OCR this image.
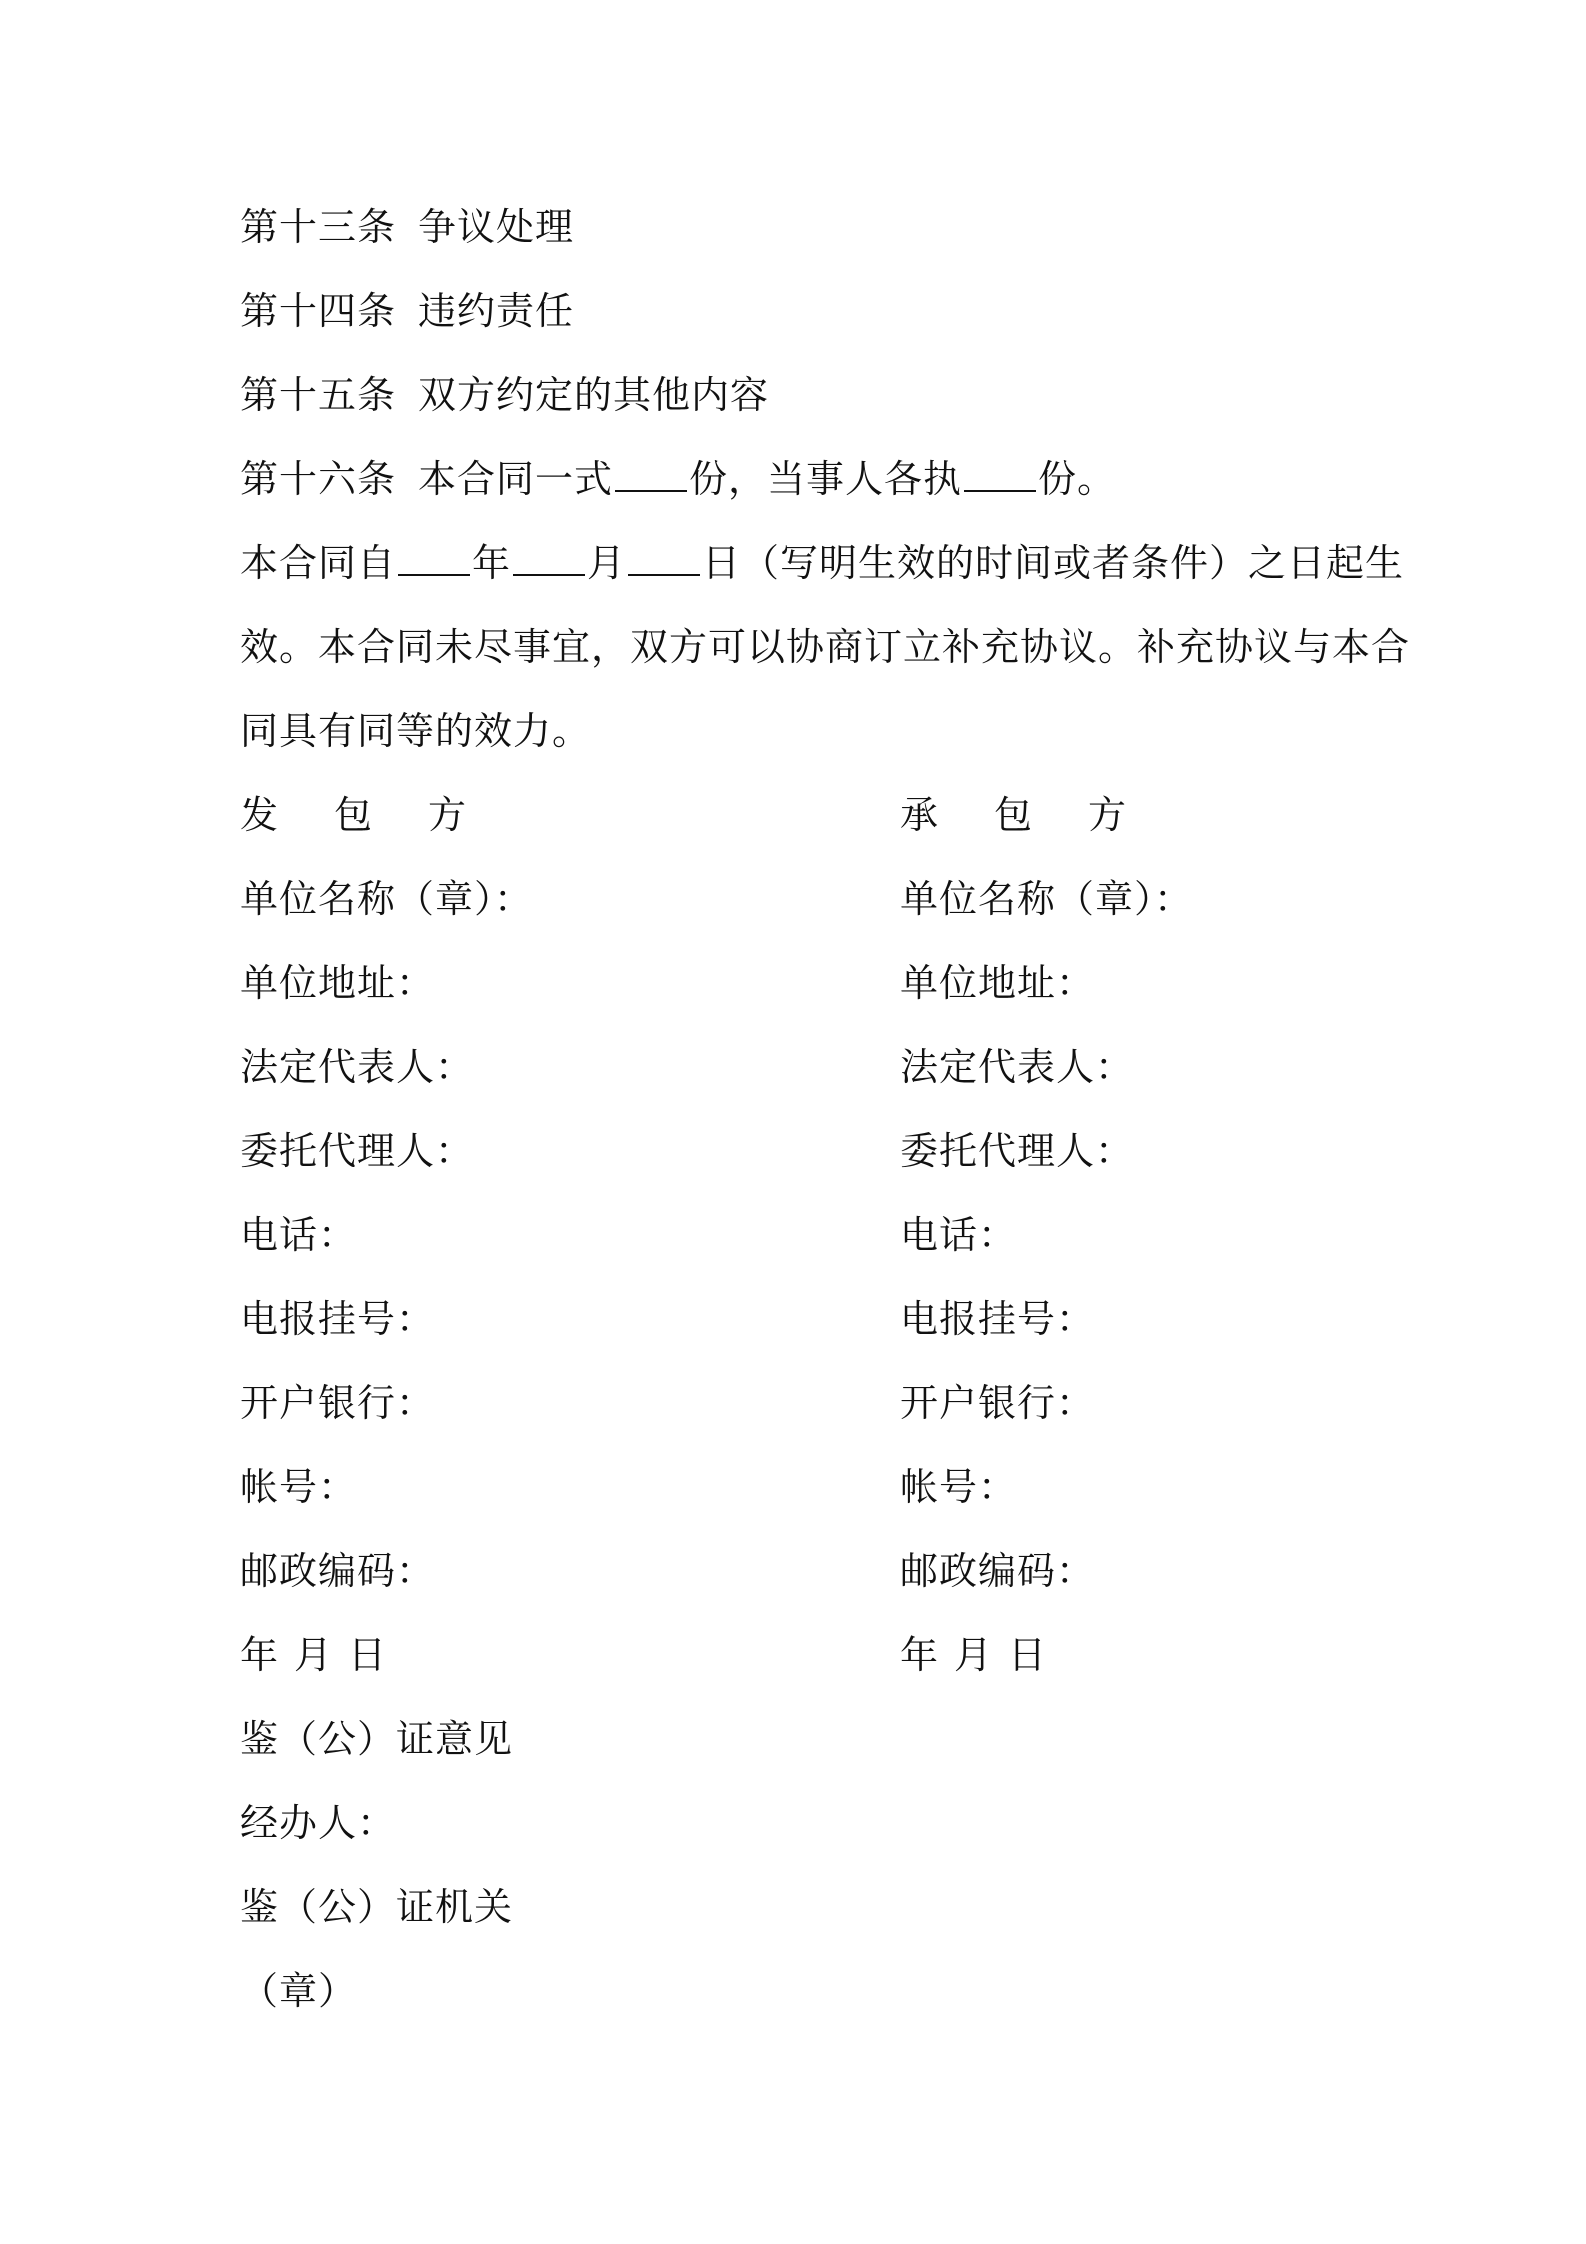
第十三条 争议处理
第十四条 违约责任
第十五条 双方约定的其他内容
第十六条 本合同一式 份，当事人各执 份。
本合同自 年 月 日（写明生效的时间或者条件）之日起生
效。本合同未尽事宜，双方可以协商订立补充协议。补充协议与本合
同具有同等的效力。
发 包 方	承 包 方
单位名称（章）：
单位地址：
法定代表人：
委托代理人：
电话：
电报挂号：
开户银行：
帐号：
邮政编码：
年 月 日
单位名称（章）：
单位地址：
法定代表人：
委托代理人：
电话：
电报挂号：
开户银行：
帐号：
邮政编码：
年 月 日
鉴（公）证意见
经办人：
鉴（公）证机关
（章）
